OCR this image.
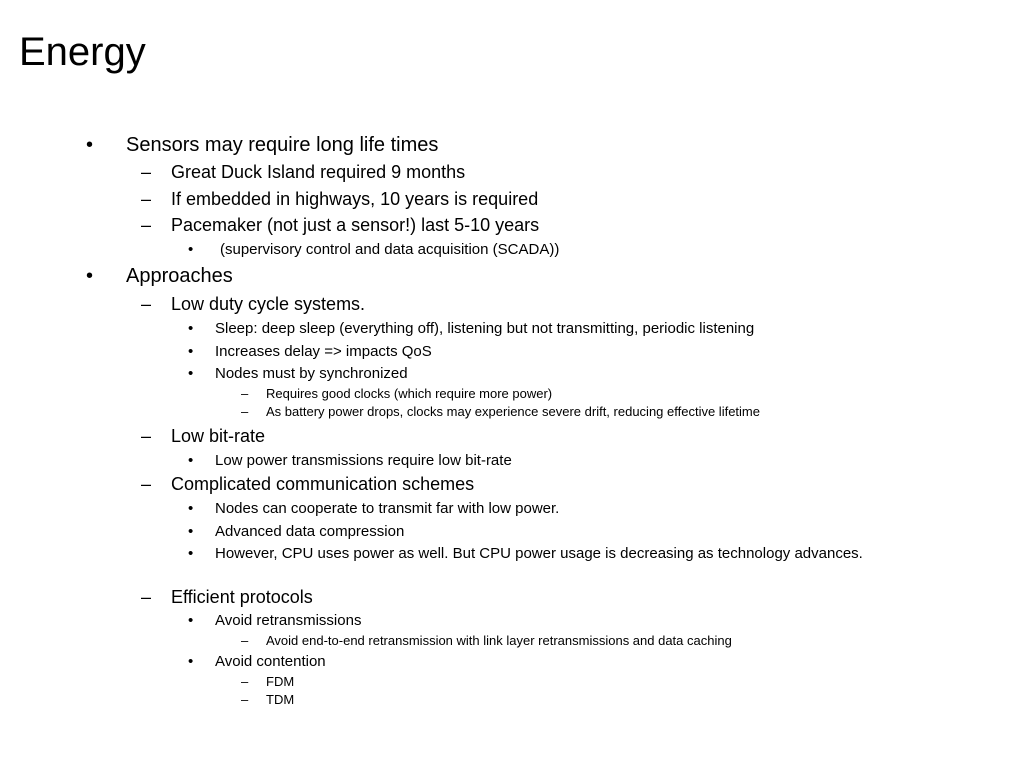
Energy
• Sensors may require long life times
– Great Duck Island required 9 months
– If embedded in highways, 10 years is required
– Pacemaker (not just a sensor!) last 5-10 years
• (supervisory control and data acquisition (SCADA))
• Approaches
– Low duty cycle systems.
• Sleep: deep sleep (everything off), listening but not transmitting, periodic listening
• Increases delay => impacts QoS
• Nodes must by synchronized
– Requires good clocks (which require more power)
– As battery power drops, clocks may experience severe drift, reducing effective lifetime
– Low bit-rate
• Low power transmissions require low bit-rate
– Complicated communication schemes
• Nodes can cooperate to transmit far with low power.
• Advanced data compression
• However, CPU uses power as well. But CPU power usage is decreasing as technology advances.
– Efficient protocols
• Avoid retransmissions
– Avoid end-to-end retransmission with link layer retransmissions and data caching
• Avoid contention
– FDM
– TDM
